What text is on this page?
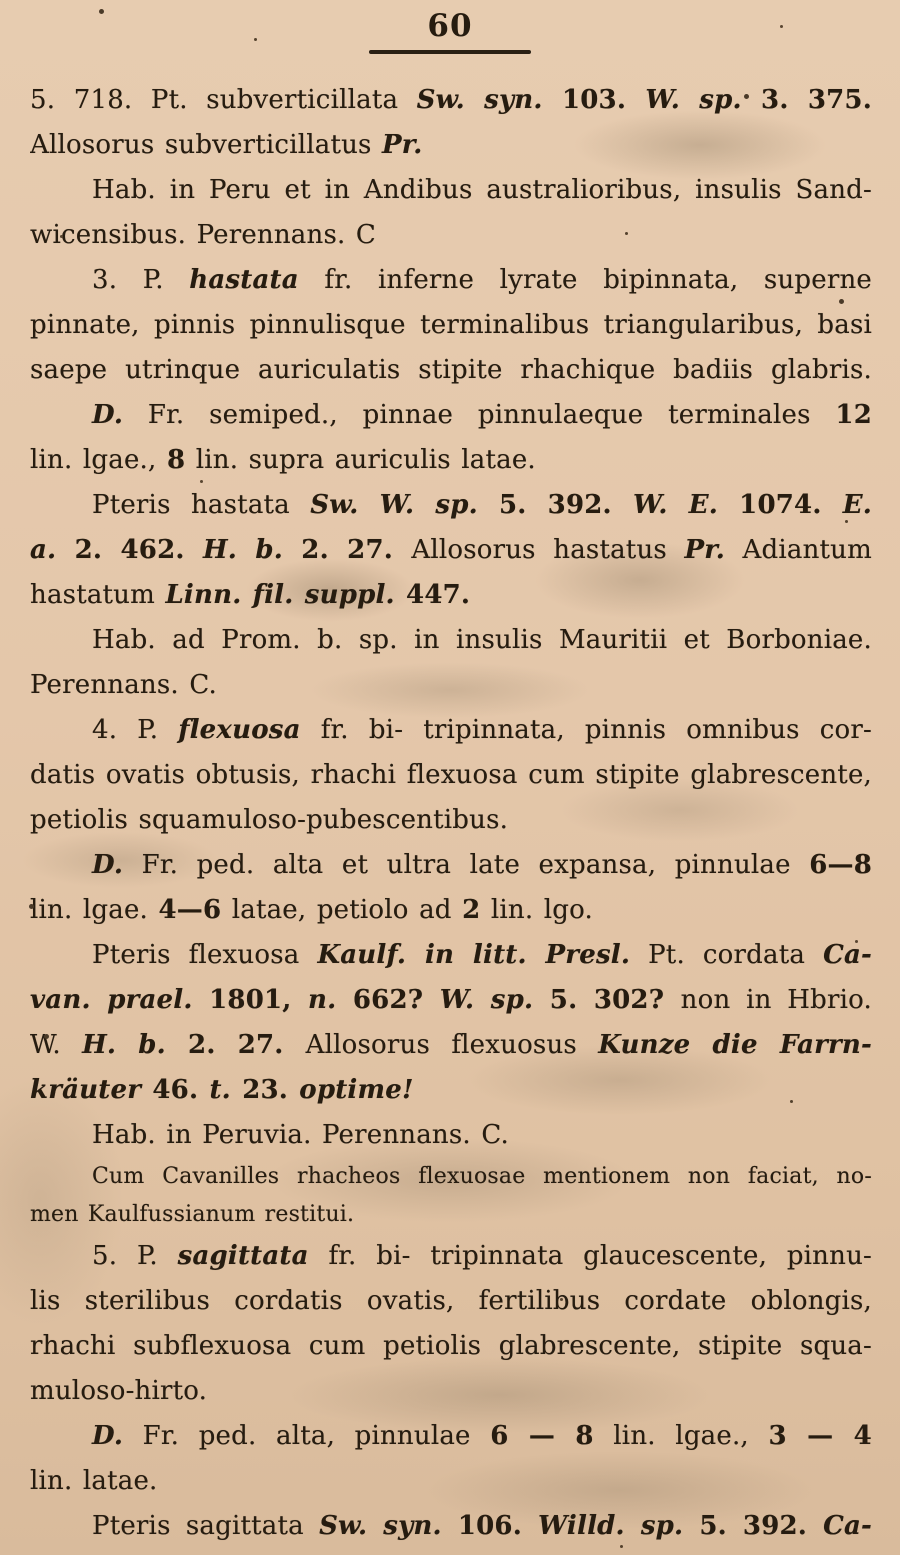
60
5. 718. Pt. subverticillata Sw. syn. 103. W. sp. 3. 375.
Allosorus subverticillatus Pr.
Hab. in Peru et in Andibus australioribus, insulis Sand-
wicensibus. Perennans. C
3. P. hastata fr. inferne lyrate bipinnata, superne
pinnate, pinnis pinnulisque terminalibus triangularibus, basi
saepe utrinque auriculatis stipite rhachique badiis glabris.
D. Fr. semiped., pinnae pinnulaeque terminales 12
lin. lgae., 8 lin. supra auriculis latae.
Pteris hastata Sw. W. sp. 5. 392. W. E. 1074. E.
a. 2. 462. H. b. 2. 27. Allosorus hastatus Pr. Adiantum
hastatum Linn. fil. suppl. 447.
Hab. ad Prom. b. sp. in insulis Mauritii et Borboniae.
Perennans. C.
4. P. flexuosa fr. bi- tripinnata, pinnis omnibus cor-
datis ovatis obtusis, rhachi flexuosa cum stipite glabrescente,
petiolis squamuloso-pubescentibus.
D. Fr. ped. alta et ultra late expansa, pinnulae 6—8
lin. lgae. 4—6 latae, petiolo ad 2 lin. lgo.
Pteris flexuosa Kaulf. in litt. Presl. Pt. cordata Ca-
van. prael. 1801, n. 662? W. sp. 5. 302? non in Hbrio.
W. H. b. 2. 27. Allosorus flexuosus Kunze die Farrn-
kräuter 46. t. 23. optime!
Hab. in Peruvia. Perennans. C.
Cum Cavanilles rhacheos flexuosae mentionem non faciat, no-
men Kaulfussianum restitui.
5. P. sagittata fr. bi- tripinnata glaucescente, pinnu-
lis sterilibus cordatis ovatis, fertilibus cordate oblongis,
rhachi subflexuosa cum petiolis glabrescente, stipite squa-
muloso-hirto.
D. Fr. ped. alta, pinnulae 6 — 8 lin. lgae., 3 — 4
lin. latae.
Pteris sagittata Sw. syn. 106. Willd. sp. 5. 392. Ca-
